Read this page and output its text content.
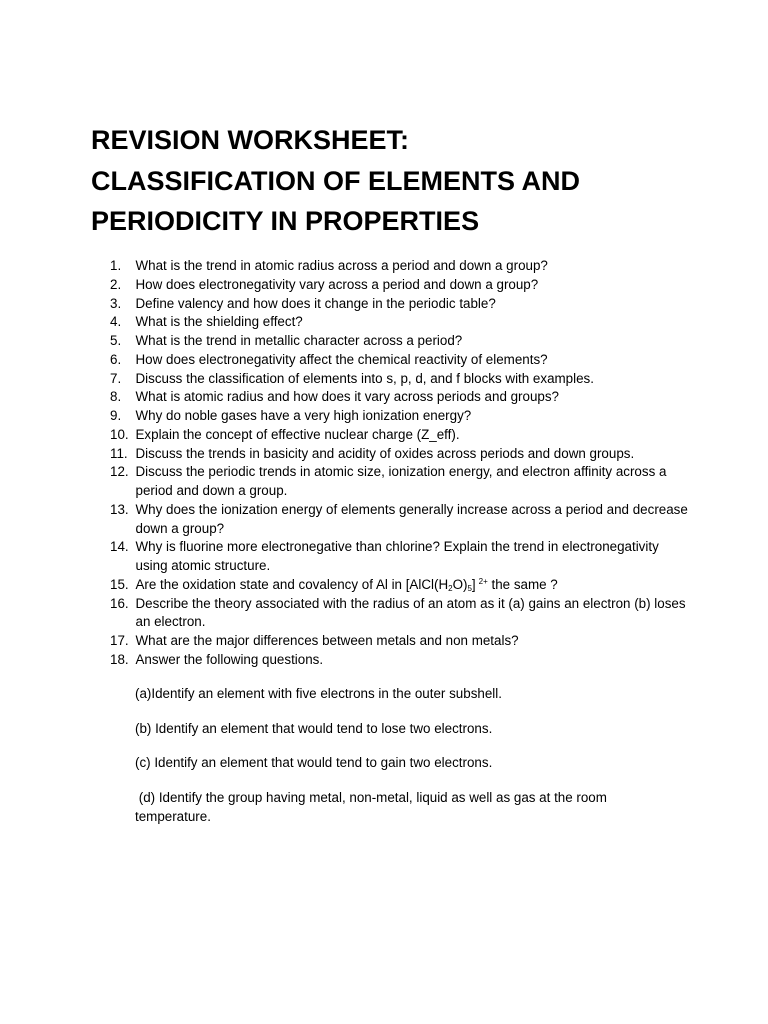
REVISION WORKSHEET:
CLASSIFICATION OF ELEMENTS AND
PERIODICITY IN PROPERTIES
1.	What is the trend in atomic radius across a period and down a group?
2.	How does electronegativity vary across a period and down a group?
3.	Define valency and how does it change in the periodic table?
4.	What is the shielding effect?
5.	What is the trend in metallic character across a period?
6.	How does electronegativity affect the chemical reactivity of elements?
7.	Discuss the classification of elements into s, p, d, and f blocks with examples.
8.	What is atomic radius and how does it vary across periods and groups?
9.	Why do noble gases have a very high ionization energy?
10. Explain the concept of effective nuclear charge (Z_eff).
11. Discuss the trends in basicity and acidity of oxides across periods and down groups.
12. Discuss the periodic trends in atomic size, ionization energy, and electron affinity across a period and down a group.
13. Why does the ionization energy of elements generally increase across a period and decrease down a group?
14. Why is fluorine more electronegative than chlorine? Explain the trend in electronegativity using atomic structure.
15. Are the oxidation state and covalency of Al in $[AlCl(H_2O)_5]$ $^{2+}$ the same ?
16. Describe the theory associated with the radius of an atom as it (a) gains an electron (b) loses an electron.
17. What are the major differences between metals and non metals?
18. Answer the following questions.

(a)Identify an element with five electrons in the outer subshell.

(b) Identify an element that would tend to lose two electrons.

(c) Identify an element that would tend to gain two electrons.

(d) Identify the group having metal, non-metal, liquid as well as gas at the room temperature.
